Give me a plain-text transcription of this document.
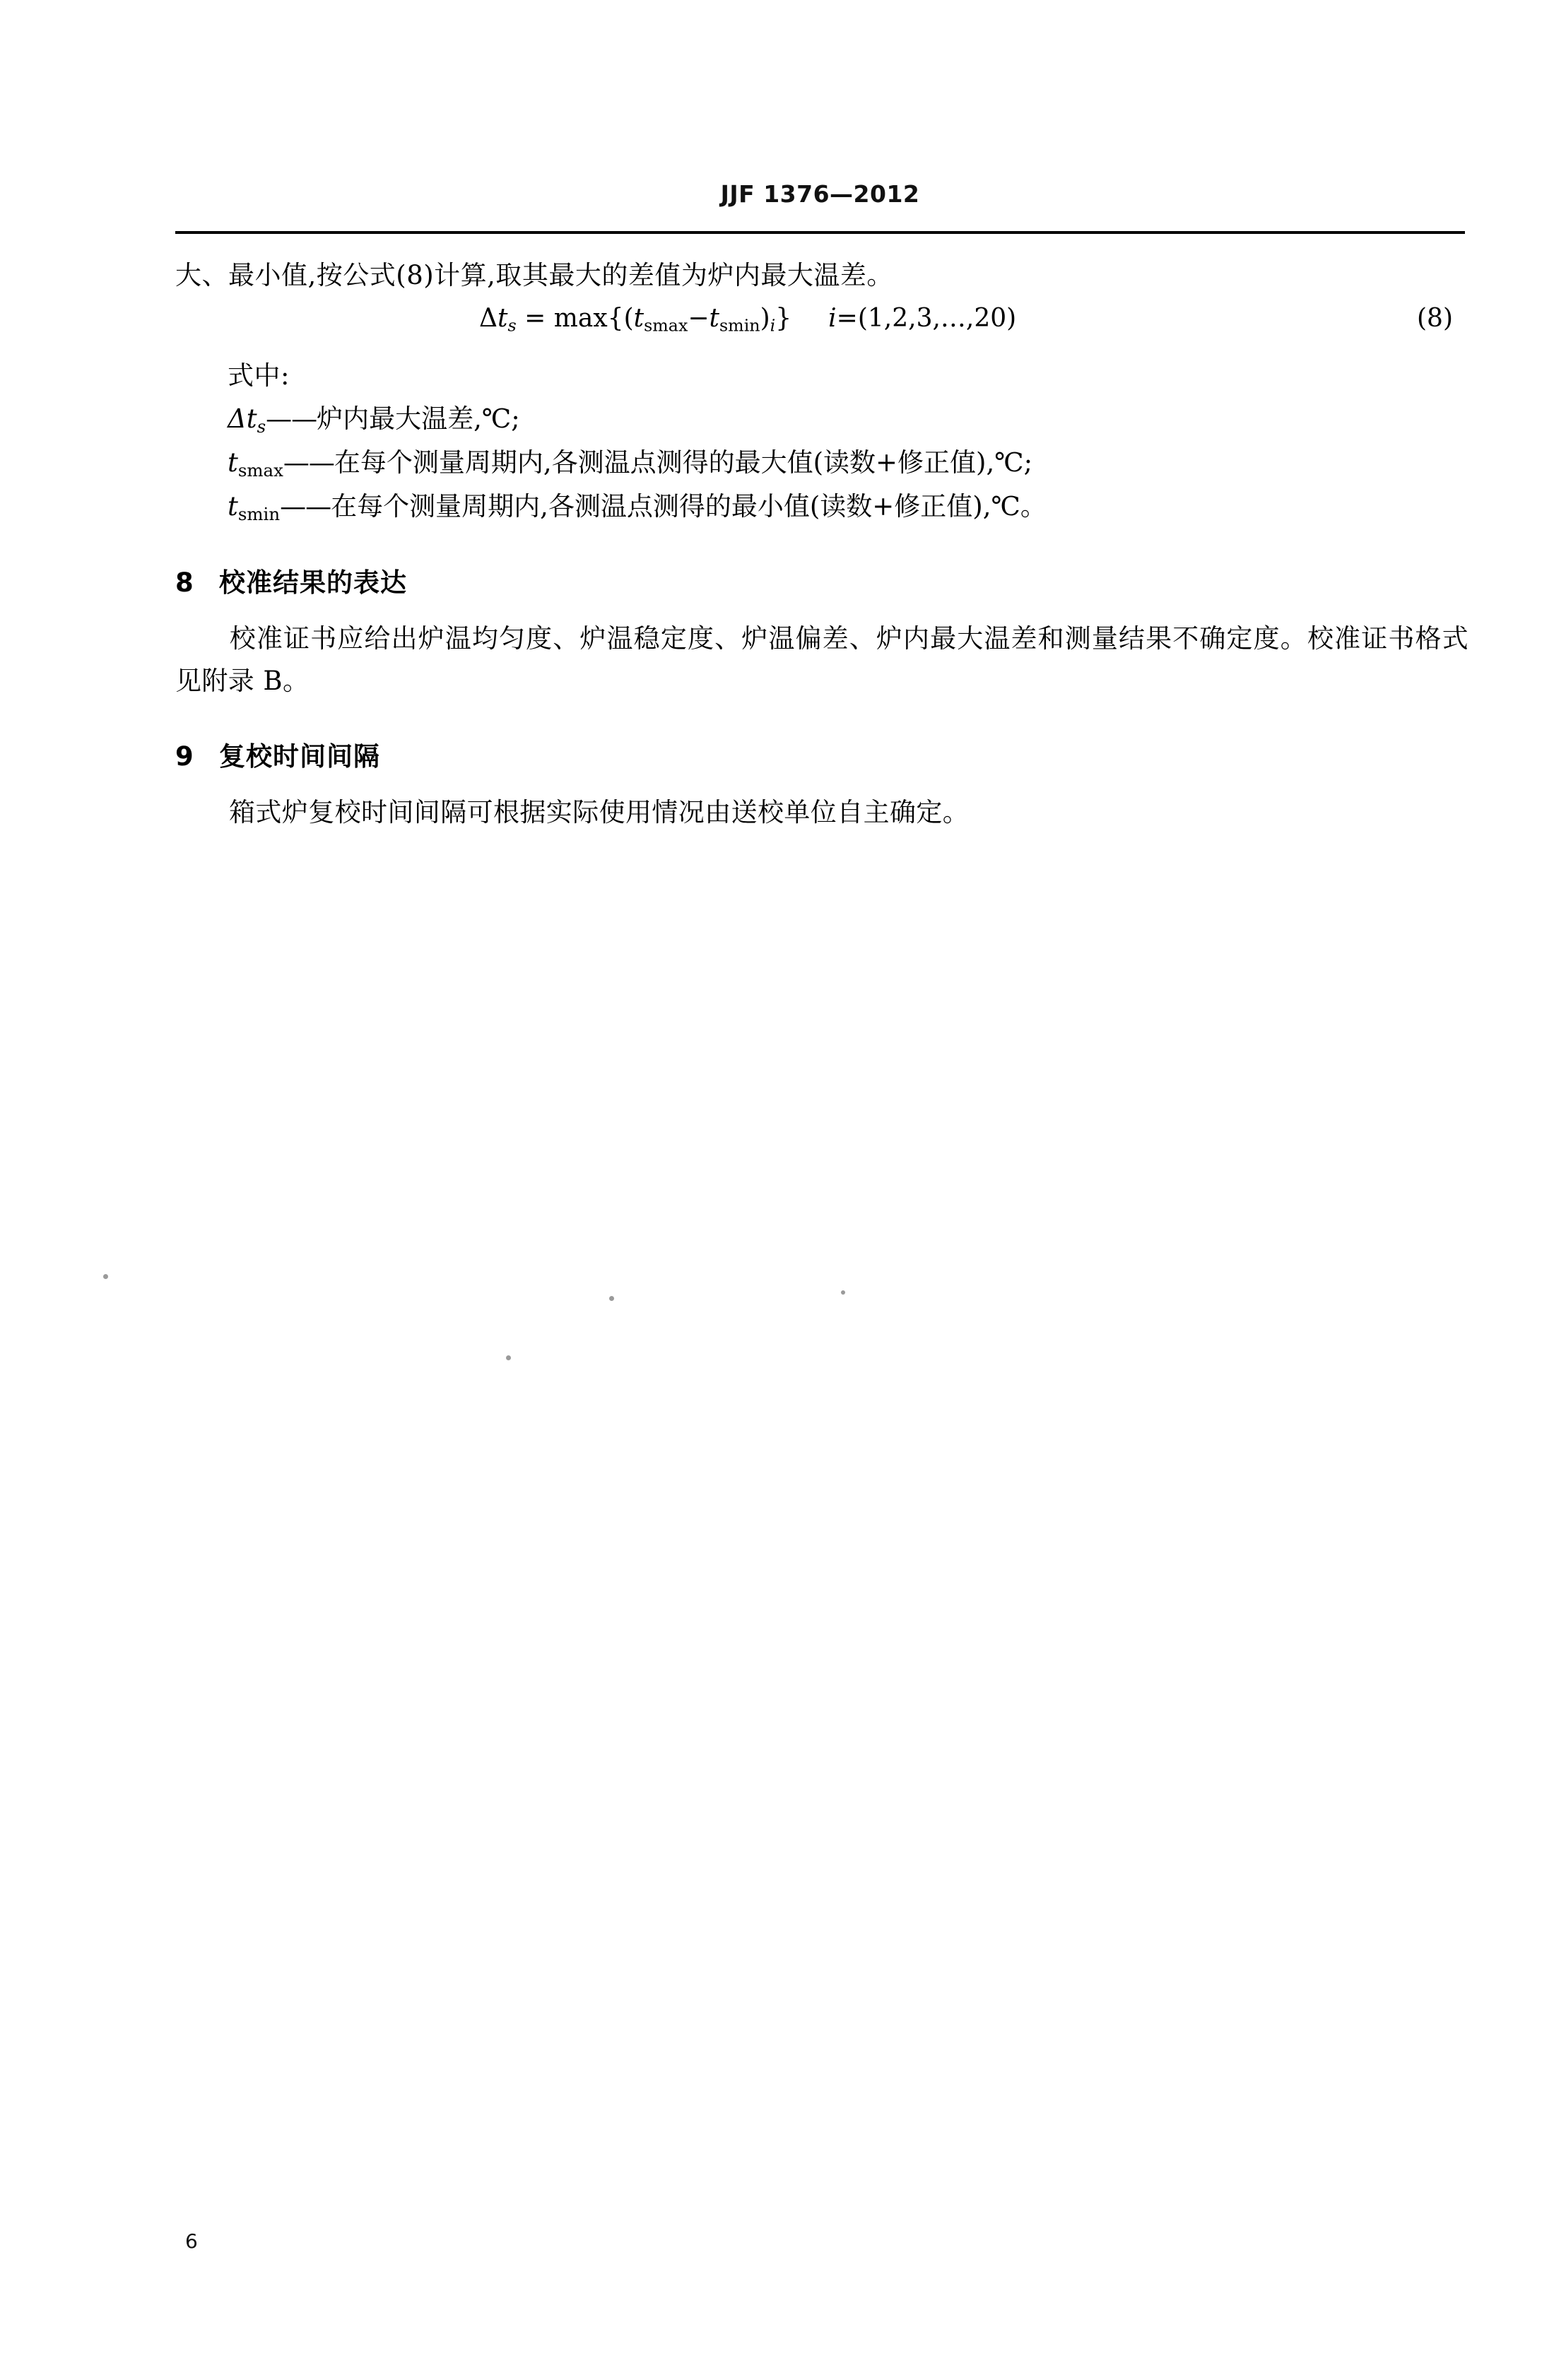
JJF 1376—2012
大、最小值,按公式(8)计算,取其最大的差值为炉内最大温差。
$\Delta t_s = \max\{(tsmax-tsmin)_i\}$ i=(1,2,3,…,20)	(8)
式中:
$\Delta t_s——$炉内最大温差,℃;
tsmax——在每个测量周期内,各测温点测得的最大值(读数+修正值),℃;
tsmin——在每个测量周期内,各测温点测得的最小值(读数+修正值),℃。
8 校准结果的表达
校准证书应给出炉温均匀度、炉温稳定度、炉温偏差、炉内最大温差和测量结果不确定度。校准证书格式见附录 B。
9 复校时间间隔
箱式炉复校时间间隔可根据实际使用情况由送校单位自主确定。
6
